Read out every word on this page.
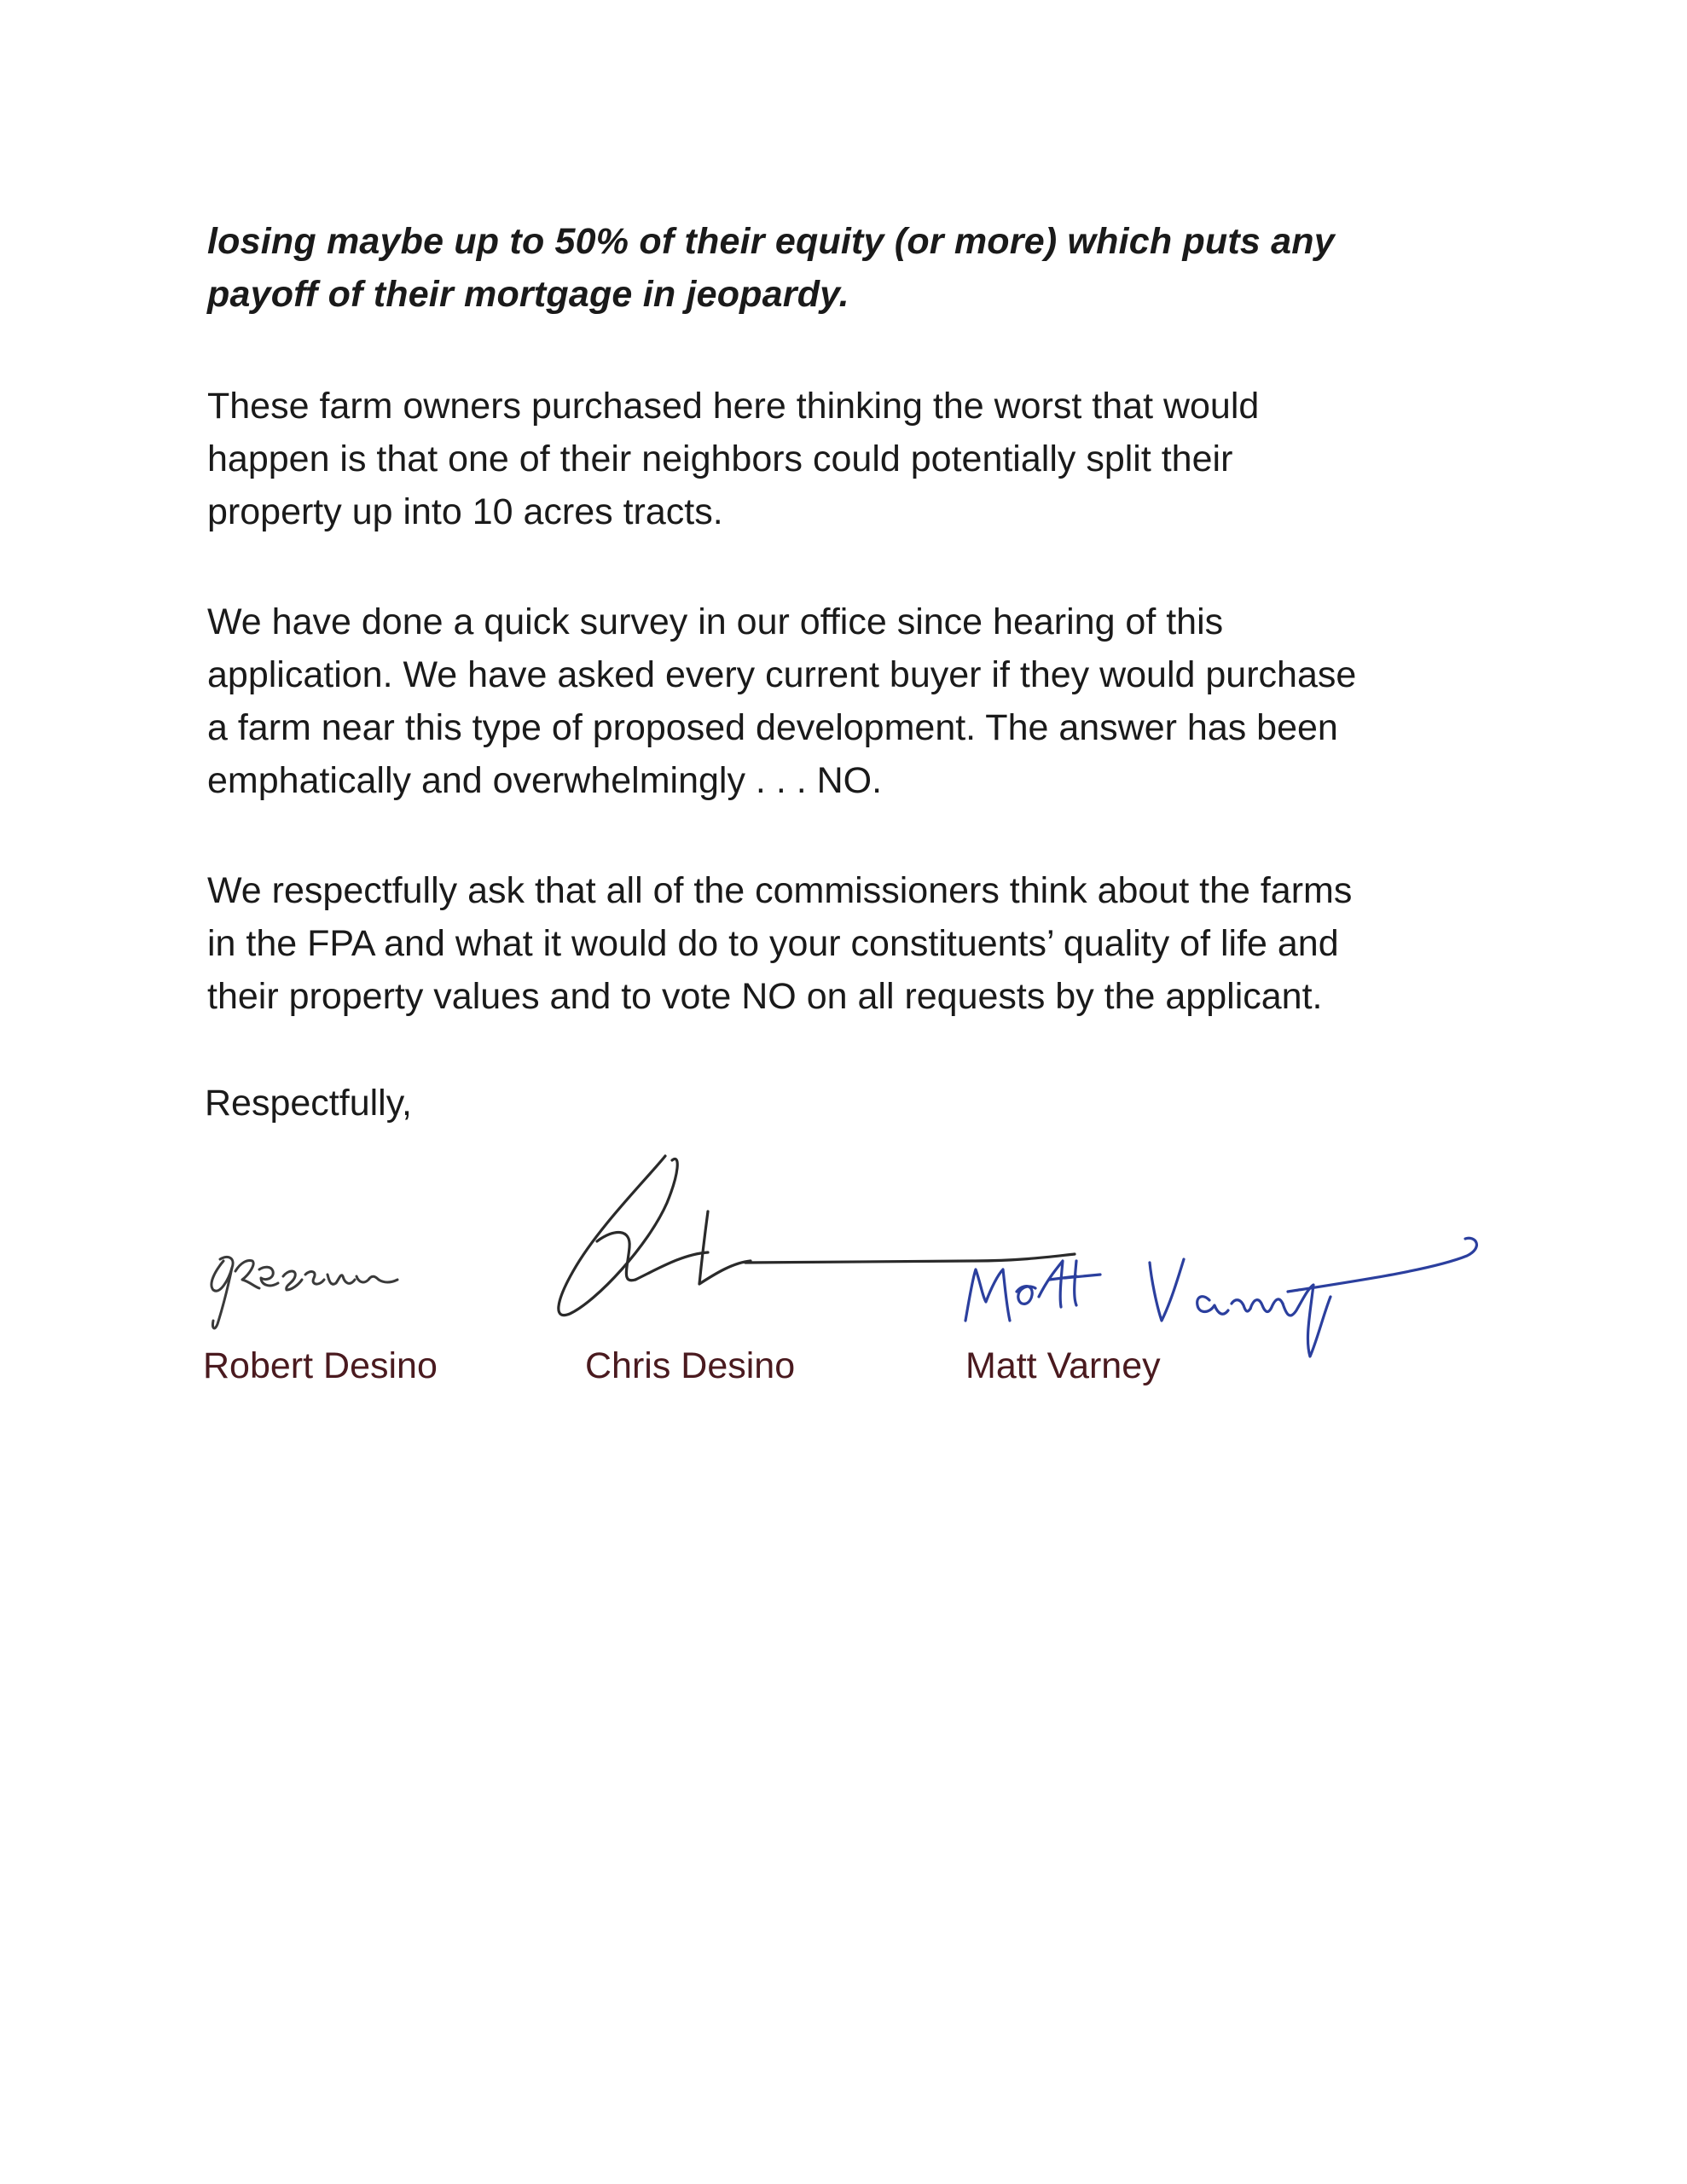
losing maybe up to 50% of their equity (or more) which puts any
payoff of their mortgage in jeopardy.

These farm owners purchased here thinking the worst that would
happen is that one of their neighbors could potentially split their
property up into 10 acres tracts.

We have done a quick survey in our office since hearing of this
application. We have asked every current buyer if they would purchase
a farm near this type of proposed development. The answer has been
emphatically and overwhelmingly . . . NO.

We respectfully ask that all of the commissioners think about the farms
in the FPA and what it would do to your constituents’ quality of life and
their property values and to vote NO on all requests by the applicant.

Respectfully,
Robert Desino	Chris Desino	Matt Varney
